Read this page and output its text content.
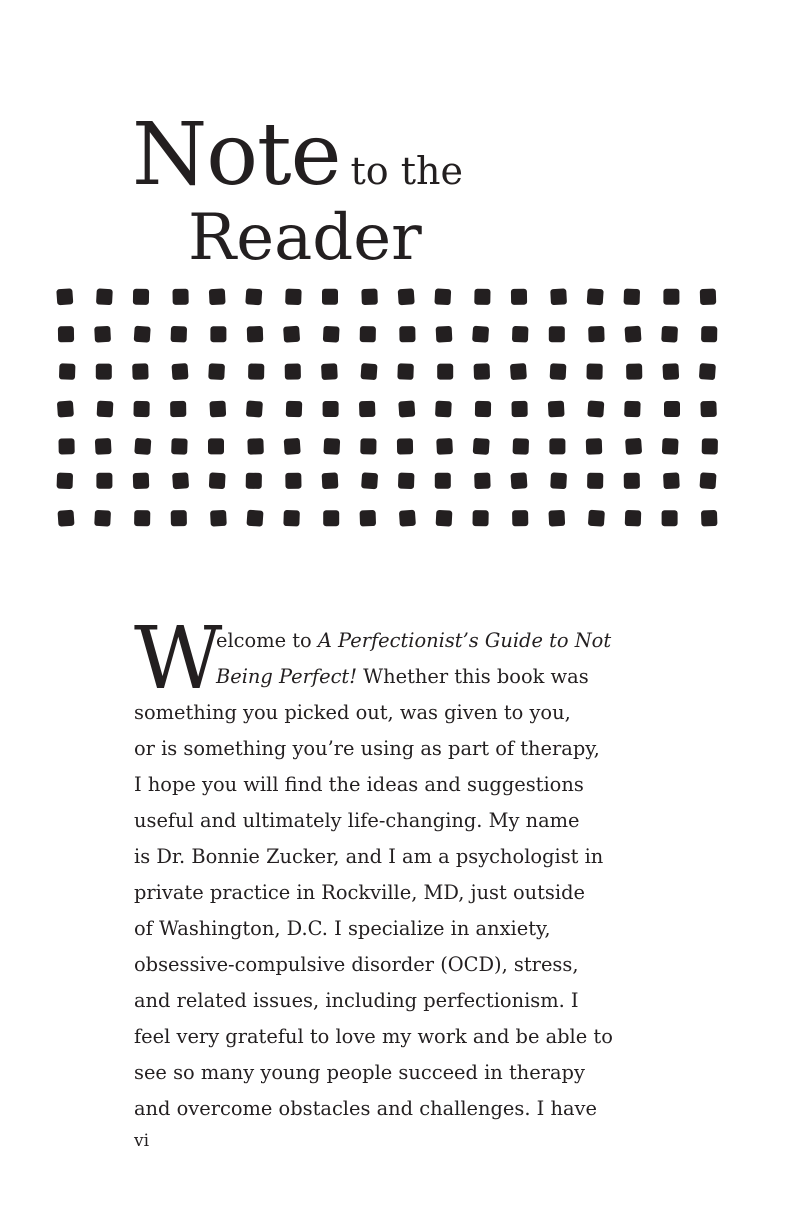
Note to the
Reader
W

elcome to A Perfectionist’s Guide to Not
Being Perfect! Whether this book was
something you picked out, was given to you,
or is something you’re using as part of therapy,
I hope you will find the ideas and suggestions
useful and ultimately life-changing. My name
is Dr. Bonnie Zucker, and I am a psychologist in
private practice in Rockville, MD, just outside
of Washington, D.C. I specialize in anxiety,
obsessive-compulsive disorder (OCD), stress,
and related issues, including perfectionism. I
feel very grateful to love my work and be able to
see so many young people succeed in therapy
and overcome obstacles and challenges. I have

vi
